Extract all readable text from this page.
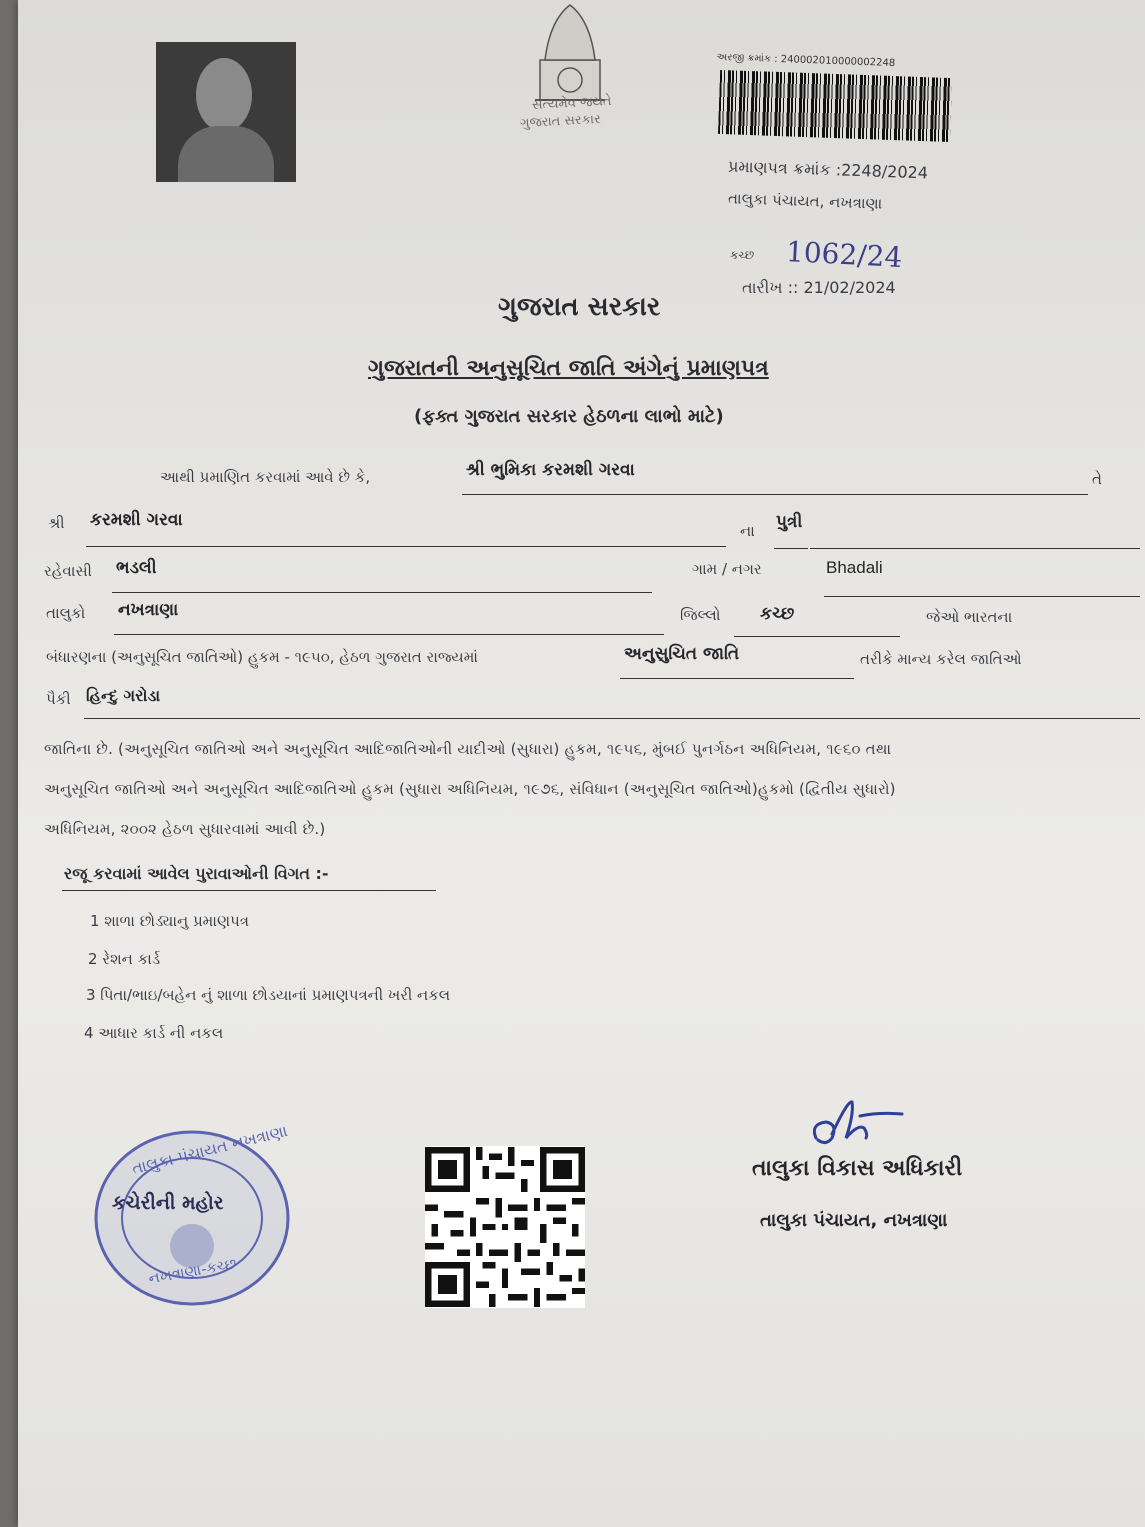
સત્યમેવ જયતે
ગુજરાત સરકાર
અરજી ક્રમાંક : 240002010000002248
પ્રમાણપત્ર ક્રમાંક :2248/2024
તાલુકા પંચાયત, નખત્રાણા
કચ્છ 1062/24
તારીખ :: 21/02/2024
ગુજરાત સરકાર
ગુજરાતની અનુસૂચિત જાતિ અંગેનું પ્રમાણપત્ર
(ફક્ત ગુજરાત સરકાર હેઠળના લાભો માટે)
આથી પ્રમાણિત કરવામાં આવે છે કે,	શ્રી ભુમિકા કરમશી ગરવા	તે
શ્રી કરમશી ગરવા
ના પુત્રી
રહેવાસી ભડલી	ગામ / નગર	Bhadali
તાલુકો નખત્રાણા	જિલ્લો કચ્છ	જેઓ ભારતના
બંધારણના (અનુસૂચિત જાતિઓ) હુકમ - ૧૯૫૦, હેઠળ ગુજરાત રાજ્યમાં	અનુસુચિત જાતિ	તરીકે માન્ય કરેલ જાતિઓ
પૈકી હિન્દુ ગરોડા
જાતિના છે. (અનુસૂચિત જાતિઓ અને અનુસૂચિત આદિજાતિઓની યાદીઓ (સુધારા) હુકમ, ૧૯૫૬, મુંબઈ પુનર્ગઠન અધિનિયમ, ૧૯૬૦ તથા
અનુસૂચિત જાતિઓ અને અનુસૂચિત આદિજાતિઓ હુકમ (સુધારા અધિનિયમ, ૧૯૭૬, સંવિધાન (અનુસૂચિત જાતિઓ)હુકમો (દ્વિતીય સુધારો)
અધિનિયમ, ૨૦૦૨ હેઠળ સુધારવામાં આવી છે.)
રજૂ કરવામાં આવેલ પુરાવાઓની વિગત :-
1 શાળા છોડ્યાનુ પ્રમાણપત્ર
2 રેશન કાર્ડ
3 પિતા/ભાઇ/બહેન નું શાળા છોડયાનાં પ્રમાણપત્રની ખરી નકલ
4 આધાર કાર્ડ ની નકલ
તાલુકા પંચાયત નખત્રાણા
કચેરીની મહોર
નખત્રાણા-કચ્છ
તાલુકા વિકાસ અધિકારી
તાલુકા પંચાયત, નખત્રાણા
